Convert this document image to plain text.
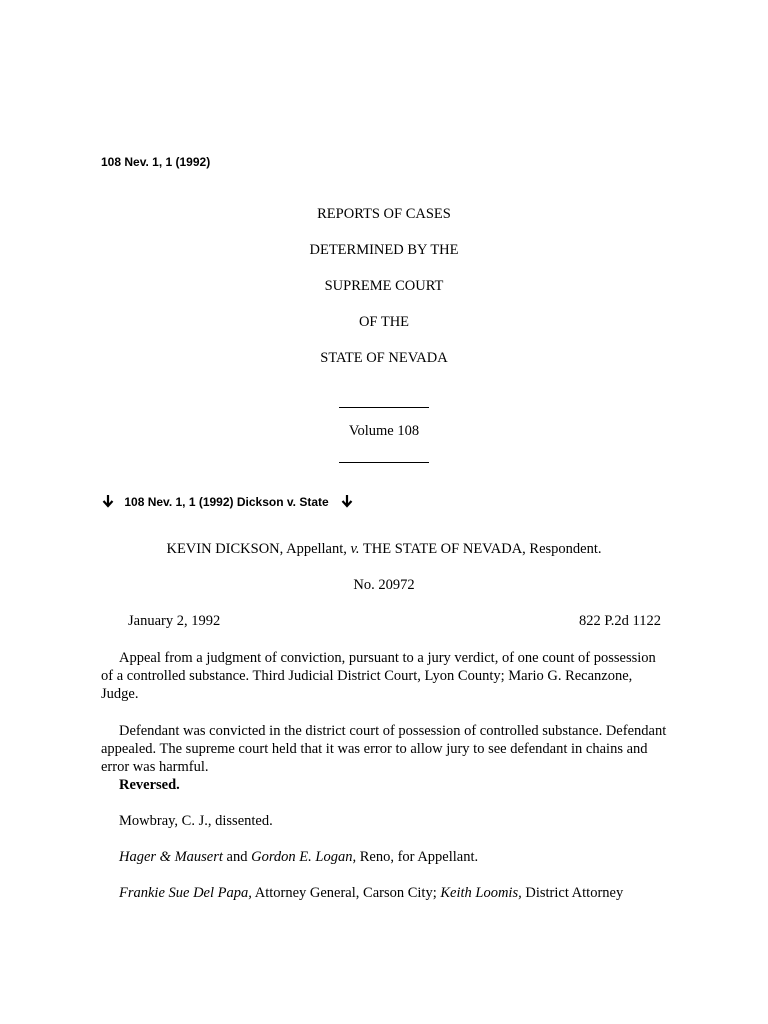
108 Nev. 1, 1 (1992)
REPORTS OF CASES
DETERMINED BY THE
SUPREME COURT
OF THE
STATE OF NEVADA
Volume 108
108 Nev. 1, 1 (1992) Dickson v. State
KEVIN DICKSON, Appellant, v. THE STATE OF NEVADA, Respondent.
No. 20972
January 2, 1992	822 P.2d 1122
Appeal from a judgment of conviction, pursuant to a jury verdict, of one count of possession of a controlled substance. Third Judicial District Court, Lyon County; Mario G. Recanzone, Judge.
Defendant was convicted in the district court of possession of controlled substance. Defendant appealed. The supreme court held that it was error to allow jury to see defendant in chains and error was harmful.
Reversed.
Mowbray, C. J., dissented.
Hager & Mausert and Gordon E. Logan, Reno, for Appellant.
Frankie Sue Del Papa, Attorney General, Carson City; Keith Loomis, District Attorney
